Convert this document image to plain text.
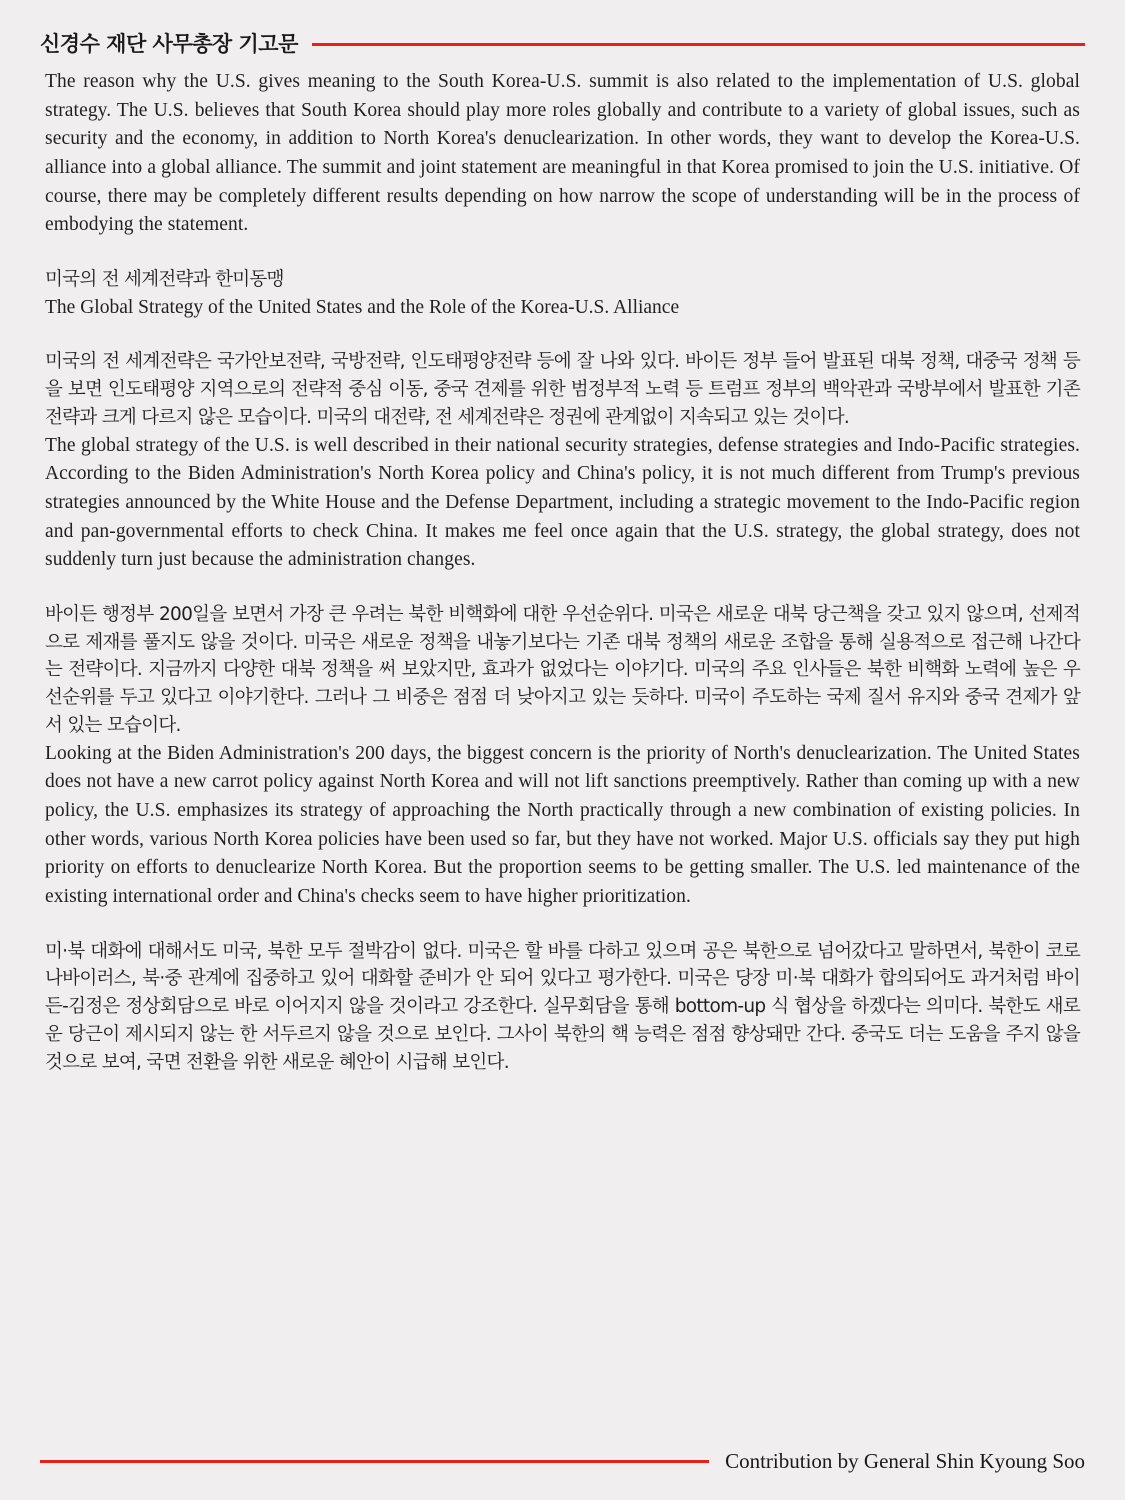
신경수 재단 사무총장 기고문

The reason why the U.S. gives meaning to the South Korea-U.S. summit is also related to the implementation of U.S. global strategy. The U.S. believes that South Korea should play more roles globally and contribute to a variety of global issues, such as security and the economy, in addition to North Korea's denuclearization. In other words, they want to develop the Korea-U.S. alliance into a global alliance. The summit and joint statement are meaningful in that Korea promised to join the U.S. initiative. Of course, there may be completely different results depending on how narrow the scope of understanding will be in the process of embodying the statement.

미국의 전 세계전략과 한미동맹

The Global Strategy of the United States and the Role of the Korea-U.S. Alliance

미국의 전 세계전략은 국가안보전략, 국방전략, 인도태평양전략 등에 잘 나와 있다. 바이든 정부 들어 발표된 대북 정책, 대중국 정책 등을 보면 인도태평양 지역으로의 전략적 중심 이동, 중국 견제를 위한 범정부적 노력 등 트럼프 정부의 백악관과 국방부에서 발표한 기존 전략과 크게 다르지 않은 모습이다. 미국의 대전략, 전 세계전략은 정권에 관계없이 지속되고 있는 것이다.

The global strategy of the U.S. is well described in their national security strategies, defense strategies and Indo-Pacific strategies. According to the Biden Administration's North Korea policy and China's policy, it is not much different from Trump's previous strategies announced by the White House and the Defense Department, including a strategic movement to the Indo-Pacific region and pan-governmental efforts to check China. It makes me feel once again that the U.S. strategy, the global strategy, does not suddenly turn just because the administration changes.

바이든 행정부 200일을 보면서 가장 큰 우려는 북한 비핵화에 대한 우선순위다. 미국은 새로운 대북 당근책을 갖고 있지 않으며, 선제적으로 제재를 풀지도 않을 것이다. 미국은 새로운 정책을 내놓기보다는 기존 대북 정책의 새로운 조합을 통해 실용적으로 접근해 나간다는 전략이다. 지금까지 다양한 대북 정책을 써 보았지만, 효과가 없었다는 이야기다. 미국의 주요 인사들은 북한 비핵화 노력에 높은 우선순위를 두고 있다고 이야기한다. 그러나 그 비중은 점점 더 낮아지고 있는 듯하다. 미국이 주도하는 국제 질서 유지와 중국 견제가 앞서 있는 모습이다.

Looking at the Biden Administration's 200 days, the biggest concern is the priority of North's denuclearization. The United States does not have a new carrot policy against North Korea and will not lift sanctions preemptively. Rather than coming up with a new policy, the U.S. emphasizes its strategy of approaching the North practically through a new combination of existing policies. In other words, various North Korea policies have been used so far, but they have not worked. Major U.S. officials say they put high priority on efforts to denuclearize North Korea. But the proportion seems to be getting smaller. The U.S. led maintenance of the existing international order and China's checks seem to have higher prioritization.

미·북 대화에 대해서도 미국, 북한 모두 절박감이 없다. 미국은 할 바를 다하고 있으며 공은 북한으로 넘어갔다고 말하면서, 북한이 코로나바이러스, 북·중 관계에 집중하고 있어 대화할 준비가 안 되어 있다고 평가한다. 미국은 당장 미·북 대화가 합의되어도 과거처럼 바이든-김정은 정상회담으로 바로 이어지지 않을 것이라고 강조한다. 실무회담을 통해 bottom-up 식 협상을 하겠다는 의미다. 북한도 새로운 당근이 제시되지 않는 한 서두르지 않을 것으로 보인다. 그사이 북한의 핵 능력은 점점 향상돼만 간다. 중국도 더는 도움을 주지 않을 것으로 보여, 국면 전환을 위한 새로운 혜안이 시급해 보인다.

Contribution by General Shin Kyoung Soo
